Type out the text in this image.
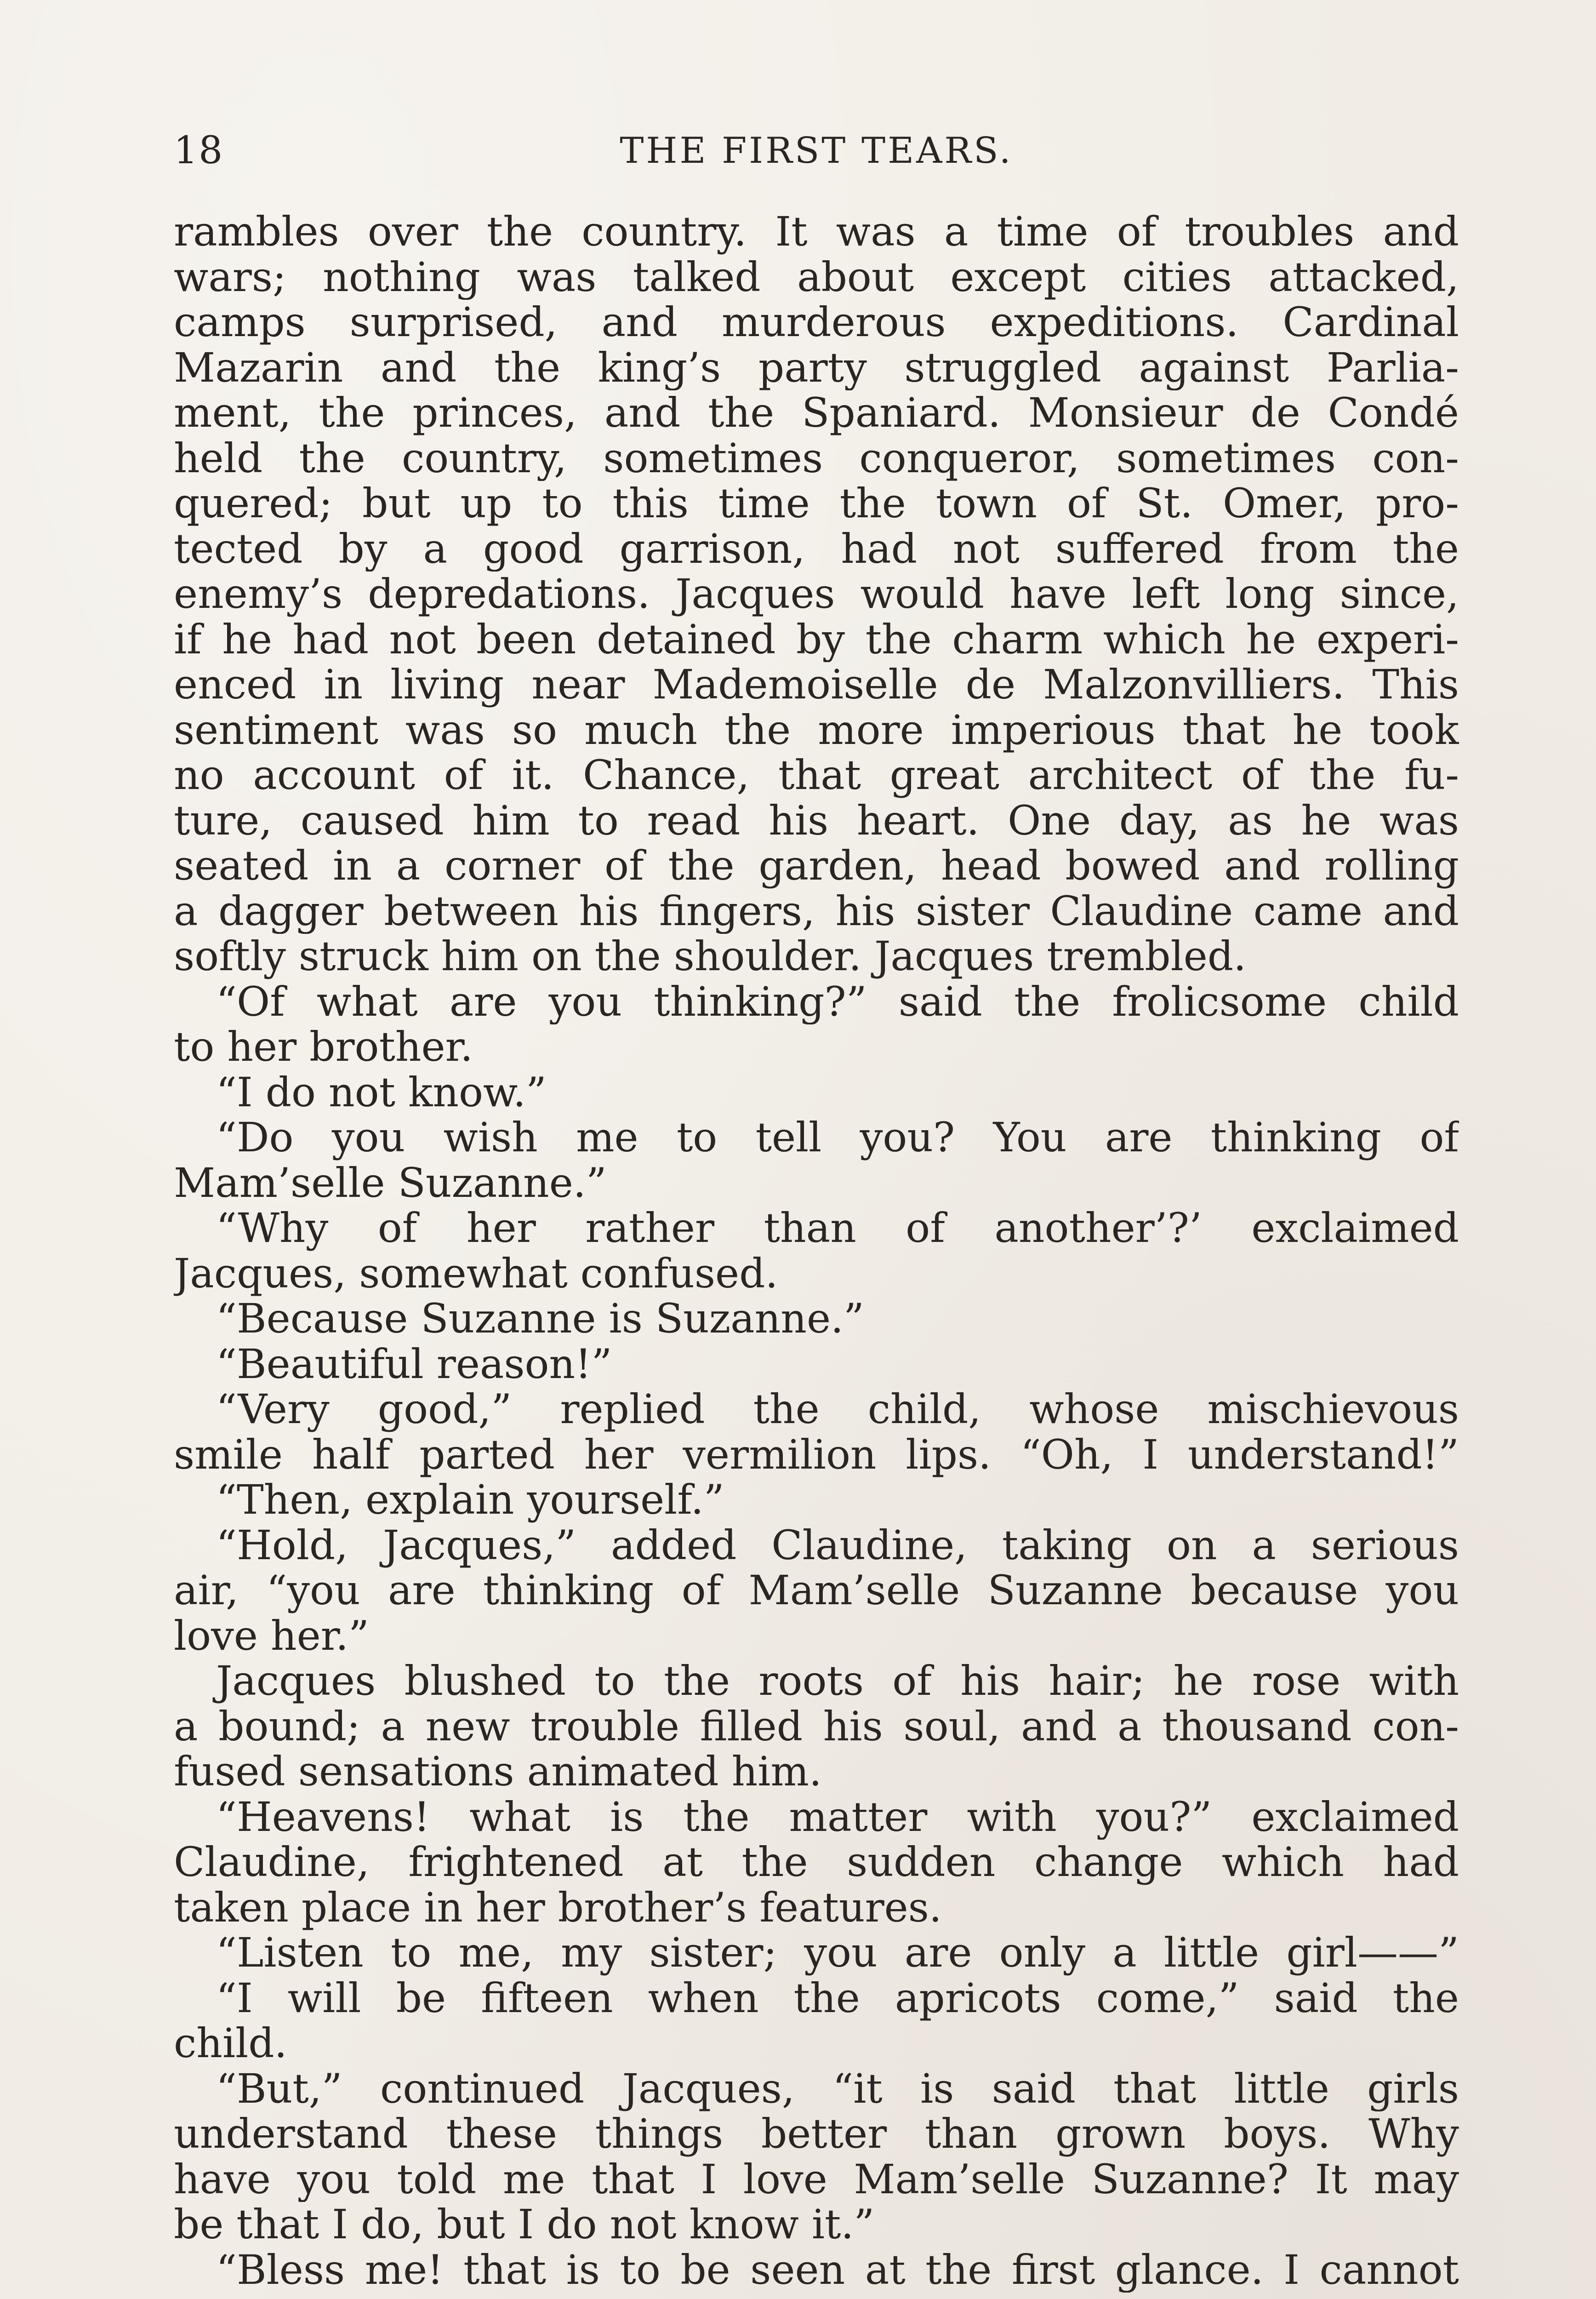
18	THE FIRST TEARS.
rambles over the country. It was a time of troubles and
wars; nothing was talked about except cities attacked,
camps surprised, and murderous expeditions. Cardinal
Mazarin and the king’s party struggled against Parlia-
ment, the princes, and the Spaniard. Monsieur de Condé
held the country, sometimes conqueror, sometimes con-
quered; but up to this time the town of St. Omer, pro-
tected by a good garrison, had not suffered from the
enemy’s depredations. Jacques would have left long since,
if he had not been detained by the charm which he experi-
enced in living near Mademoiselle de Malzonvilliers. This
sentiment was so much the more imperious that he took
no account of it. Chance, that great architect of the fu-
ture, caused him to read his heart. One day, as he was
seated in a corner of the garden, head bowed and rolling
a dagger between his fingers, his sister Claudine came and
softly struck him on the shoulder. Jacques trembled.
“Of what are you thinking?” said the frolicsome child
to her brother.
“I do not know.”
“Do you wish me to tell you? You are thinking of
Mam’selle Suzanne.”
“Why of her rather than of another’?’ exclaimed
Jacques, somewhat confused.
“Because Suzanne is Suzanne.”
“Beautiful reason!”
“Very good,” replied the child, whose mischievous
smile half parted her vermilion lips. “Oh, I understand!”
“Then, explain yourself.”
“Hold, Jacques,” added Claudine, taking on a serious
air, “you are thinking of Mam’selle Suzanne because you
love her.”
Jacques blushed to the roots of his hair; he rose with
a bound; a new trouble filled his soul, and a thousand con-
fused sensations animated him.
“Heavens! what is the matter with you?” exclaimed
Claudine, frightened at the sudden change which had
taken place in her brother’s features.
“Listen to me, my sister; you are only a little girl——”
“I will be fifteen when the apricots come,” said the
child.
“But,” continued Jacques, “it is said that little girls
understand these things better than grown boys. Why
have you told me that I love Mam’selle Suzanne? It may
be that I do, but I do not know it.”
“Bless me! that is to be seen at the first glance. I cannot
